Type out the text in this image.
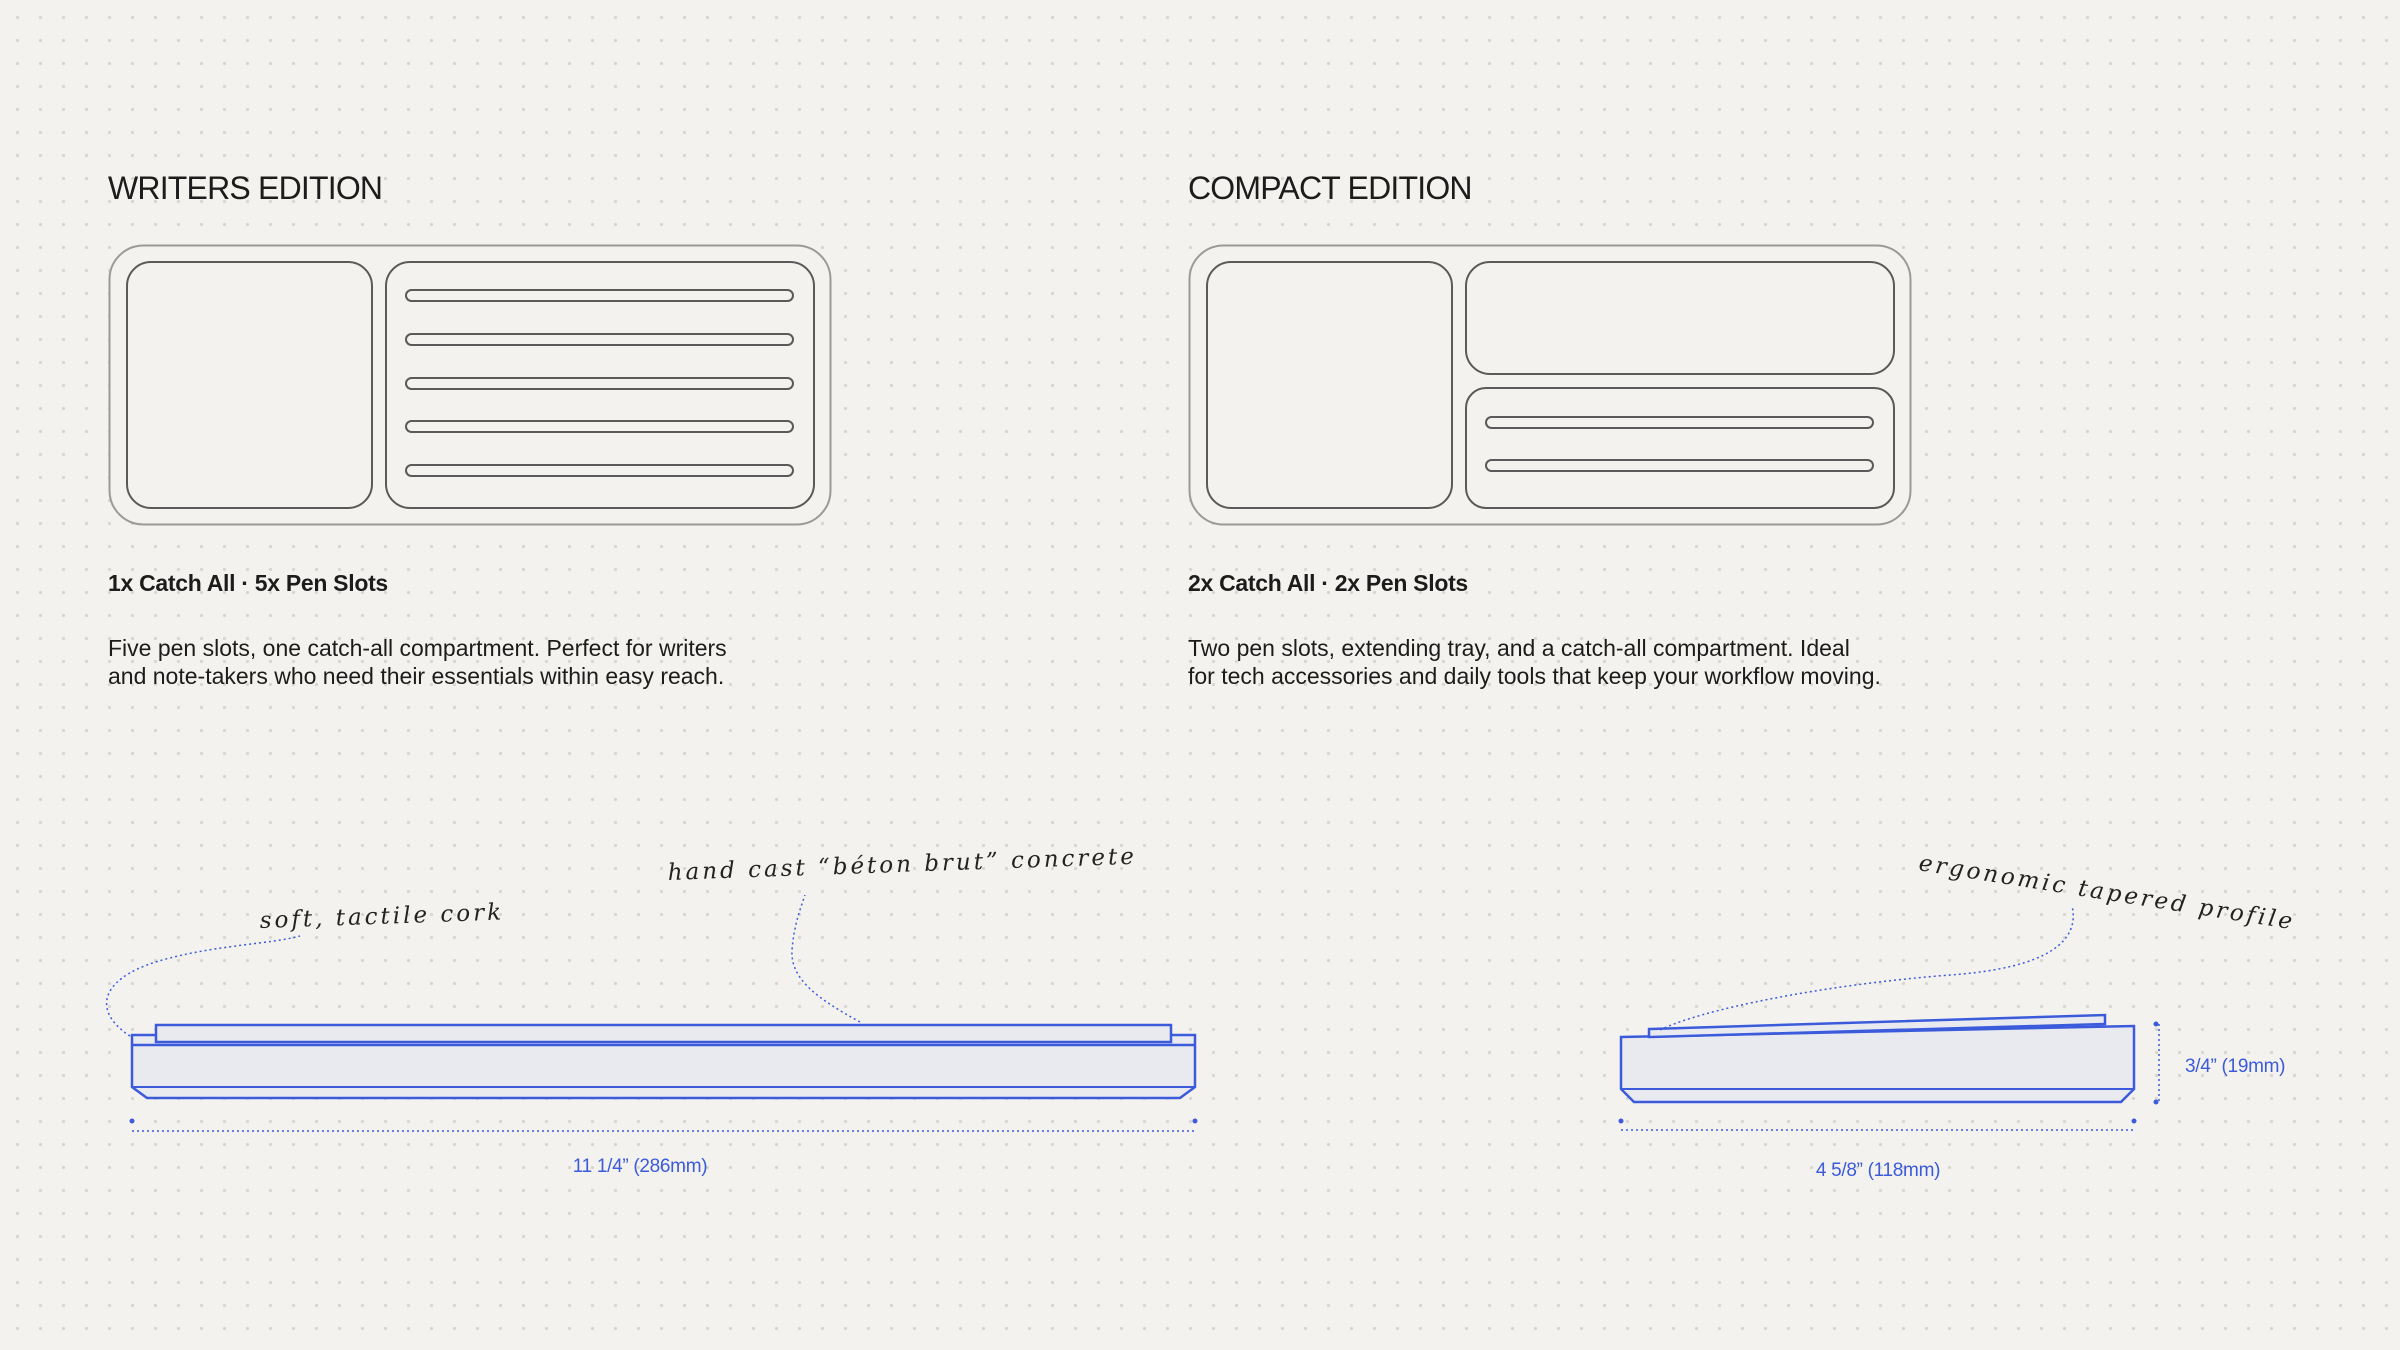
WRITERS EDITION

1x Catch All · 5x Pen Slots

Five pen slots, one catch-all compartment. Perfect for writers
and note-takers who need their essentials within easy reach.

COMPACT EDITION

2x Catch All · 2x Pen Slots

Two pen slots, extending tray, and a catch-all compartment. Ideal
for tech accessories and daily tools that keep your workflow moving.

11 1/4” (286mm)
soft, tactile cork
hand cast “béton brut” concrete
4 5/8” (118mm)
3/4” (19mm)
ergonomic tapered profile
